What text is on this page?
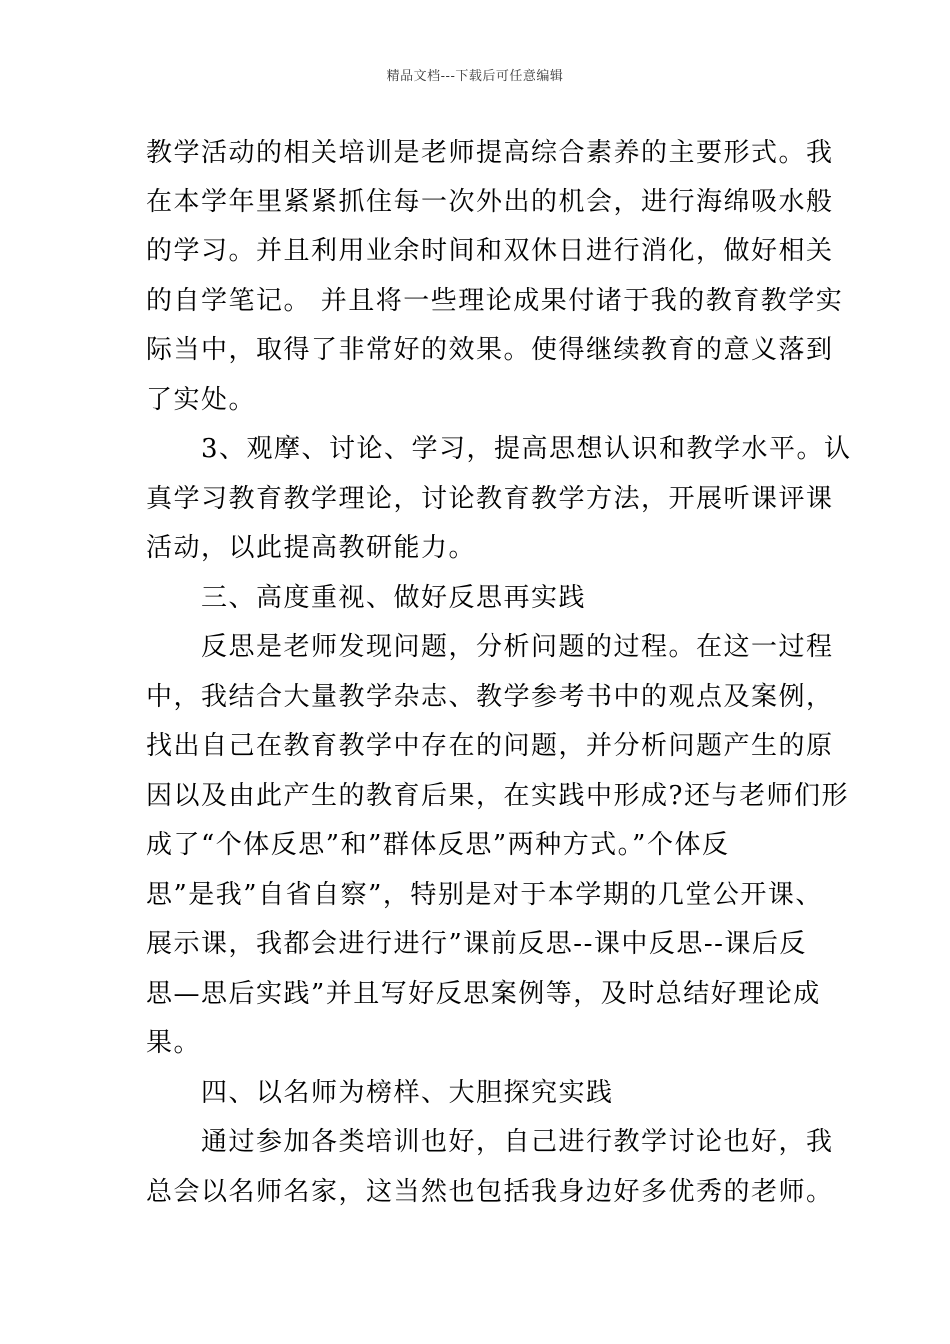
精品文档---下载后可任意编辑
教学活动的相关培训是老师提高综合素养的主要形式。我
在本学年里紧紧抓住每一次外出的机会，进行海绵吸水般
的学习。并且利用业余时间和双休日进行消化，做好相关
的自学笔记。 并且将一些理论成果付诸于我的教育教学实
际当中，取得了非常好的效果。使得继续教育的意义落到
了实处。
　　3、观摩、讨论、学习，提高思想认识和教学水平。认
真学习教育教学理论，讨论教育教学方法，开展听课评课
活动，以此提高教研能力。
　　三、高度重视、做好反思再实践
　　反思是老师发现问题，分析问题的过程。在这一过程
中，我结合大量教学杂志、教学参考书中的观点及案例，
找出自己在教育教学中存在的问题，并分析问题产生的原
因以及由此产生的教育后果，在实践中形成?还与老师们形
成了“个体反思”和”群体反思”两种方式。”个体反
思”是我”自省自察”，特别是对于本学期的几堂公开课、
展示课，我都会进行进行”课前反思--课中反思--课后反
思—思后实践”并且写好反思案例等，及时总结好理论成
果。
　　四、以名师为榜样、大胆探究实践
　　通过参加各类培训也好，自己进行教学讨论也好，我
总会以名师名家，这当然也包括我身边好多优秀的老师。
